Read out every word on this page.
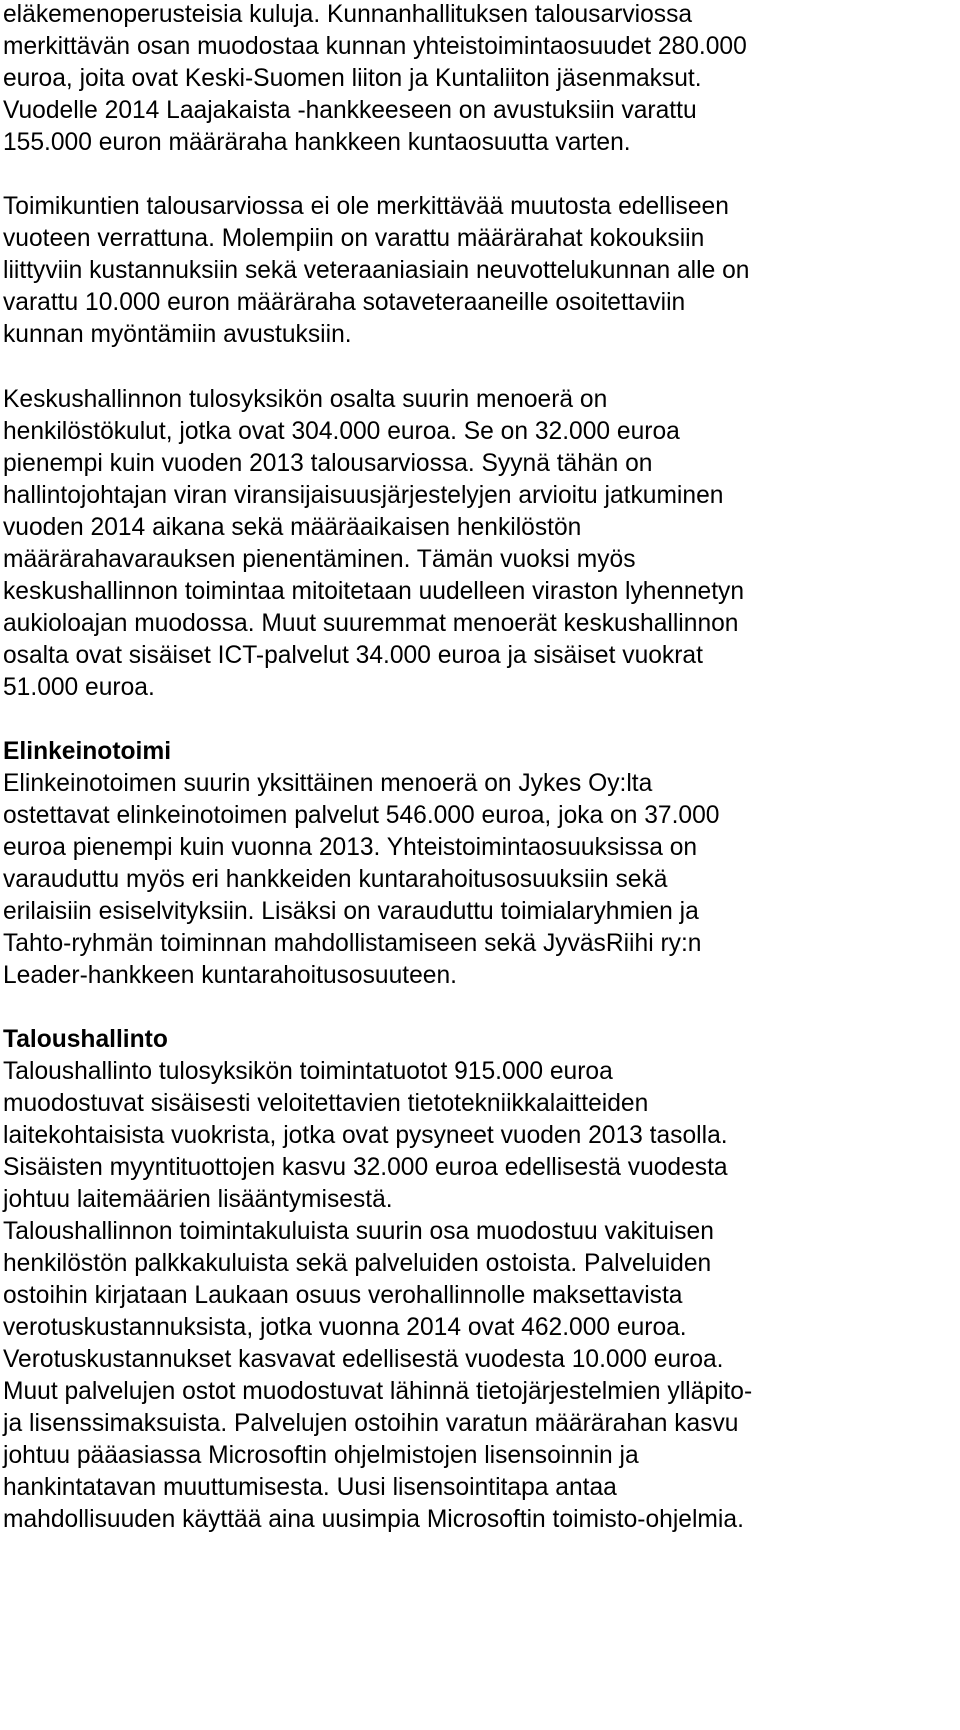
eläkemenoperusteisia kuluja. Kunnanhallituksen talousarviossa
merkittävän osan muodostaa kunnan yhteistoimintaosuudet 280.000
euroa, joita ovat Keski-Suomen liiton ja Kuntaliiton jäsenmaksut.
Vuodelle 2014 Laajakaista -hankkeeseen on avustuksiin varattu
155.000 euron määräraha hankkeen kuntaosuutta varten.
Toimikuntien talousarviossa ei ole merkittävää muutosta edelliseen
vuoteen verrattuna. Molempiin on varattu määrärahat kokouksiin
liittyviin kustannuksiin sekä veteraaniasiain neuvottelukunnan alle on
varattu 10.000 euron määräraha sotaveteraaneille osoitettaviin
kunnan myöntämiin avustuksiin.
Keskushallinnon tulosyksikön osalta suurin menoerä on
henkilöstökulut, jotka ovat 304.000 euroa. Se on 32.000 euroa
pienempi kuin vuoden 2013 talousarviossa. Syynä tähän on
hallintojohtajan viran viransijaisuusjärjestelyjen arvioitu jatkuminen
vuoden 2014 aikana sekä määräaikaisen henkilöstön
määrärahavarauksen pienentäminen. Tämän vuoksi myös
keskushallinnon toimintaa mitoitetaan uudelleen viraston lyhennetyn
aukioloajan muodossa. Muut suuremmat menoerät keskushallinnon
osalta ovat sisäiset ICT-palvelut 34.000 euroa ja sisäiset vuokrat
51.000 euroa.
Elinkeinotoimi
Elinkeinotoimen suurin yksittäinen menoerä on Jykes Oy:lta
ostettavat elinkeinotoimen palvelut 546.000 euroa, joka on 37.000
euroa pienempi kuin vuonna 2013. Yhteistoimintaosuuksissa on
varauduttu myös eri hankkeiden kuntarahoitusosuuksiin sekä
erilaisiin esiselvityksiin. Lisäksi on varauduttu toimialaryhmien ja
Tahto-ryhmän toiminnan mahdollistamiseen sekä JyväsRiihi ry:n
Leader-hankkeen kuntarahoitusosuuteen.
Taloushallinto
Taloushallinto tulosyksikön toimintatuotot 915.000 euroa
muodostuvat sisäisesti veloitettavien tietotekniikkalaitteiden
laitekohtaisista vuokrista, jotka ovat pysyneet vuoden 2013 tasolla.
Sisäisten myyntituottojen kasvu 32.000 euroa edellisestä vuodesta
johtuu laitemäärien lisääntymisestä.
Taloushallinnon toimintakuluista suurin osa muodostuu vakituisen
henkilöstön palkkakuluista sekä palveluiden ostoista. Palveluiden
ostoihin kirjataan Laukaan osuus verohallinnolle maksettavista
verotuskustannuksista, jotka vuonna 2014 ovat 462.000 euroa.
Verotuskustannukset kasvavat edellisestä vuodesta 10.000 euroa.
Muut palvelujen ostot muodostuvat lähinnä tietojärjestelmien ylläpito-
ja lisenssimaksuista. Palvelujen ostoihin varatun määrärahan kasvu
johtuu pääasiassa Microsoftin ohjelmistojen lisensoinnin ja
hankintatavan muuttumisesta. Uusi lisensointitapa antaa
mahdollisuuden käyttää aina uusimpia Microsoftin toimisto-ohjelmia.
